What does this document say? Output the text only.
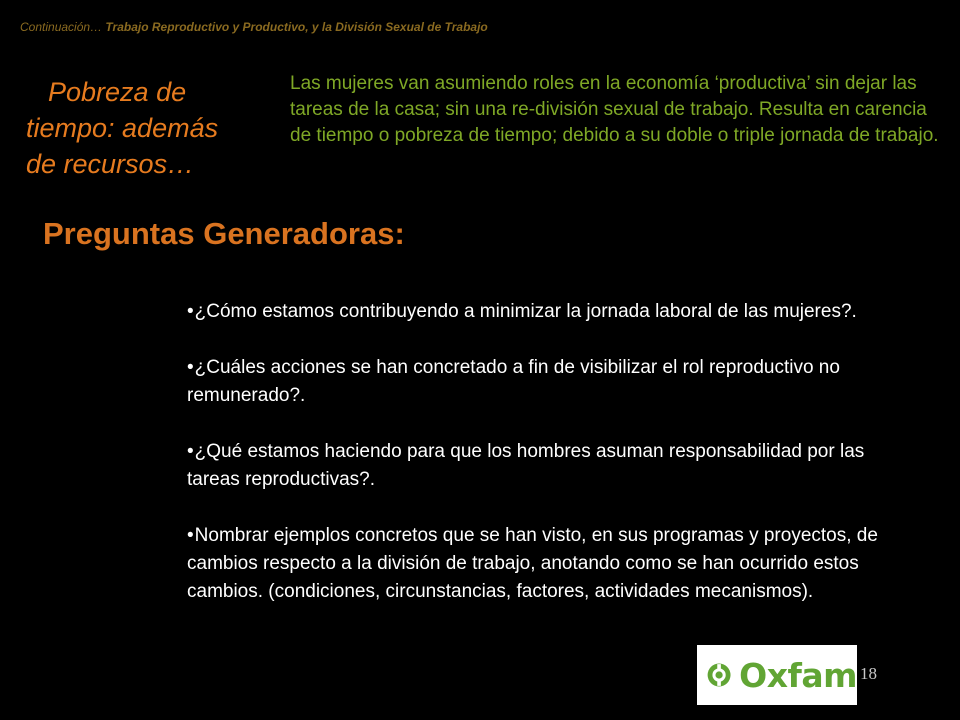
Continuación… Trabajo Reproductivo y Productivo, y la División Sexual de Trabajo
Pobreza de
tiempo: además
de recursos…
Las mujeres van asumiendo roles en la economía ‘productiva’ sin dejar las tareas de la casa; sin una re-división sexual de trabajo. Resulta en carencia de tiempo o pobreza de tiempo; debido a su doble o triple jornada de trabajo.
Preguntas Generadoras:
•¿Cómo estamos contribuyendo a minimizar la jornada laboral de las mujeres?.
•¿Cuáles acciones se han concretado a fin de visibilizar el rol reproductivo no remunerado?.
•¿Qué estamos haciendo para que los hombres asuman responsabilidad por las tareas reproductivas?.
•Nombrar ejemplos concretos que se han visto, en sus programas y proyectos, de cambios respecto a la división de trabajo, anotando como se han ocurrido estos cambios. (condiciones, circunstancias, factores, actividades mecanismos).
Oxfam 18
